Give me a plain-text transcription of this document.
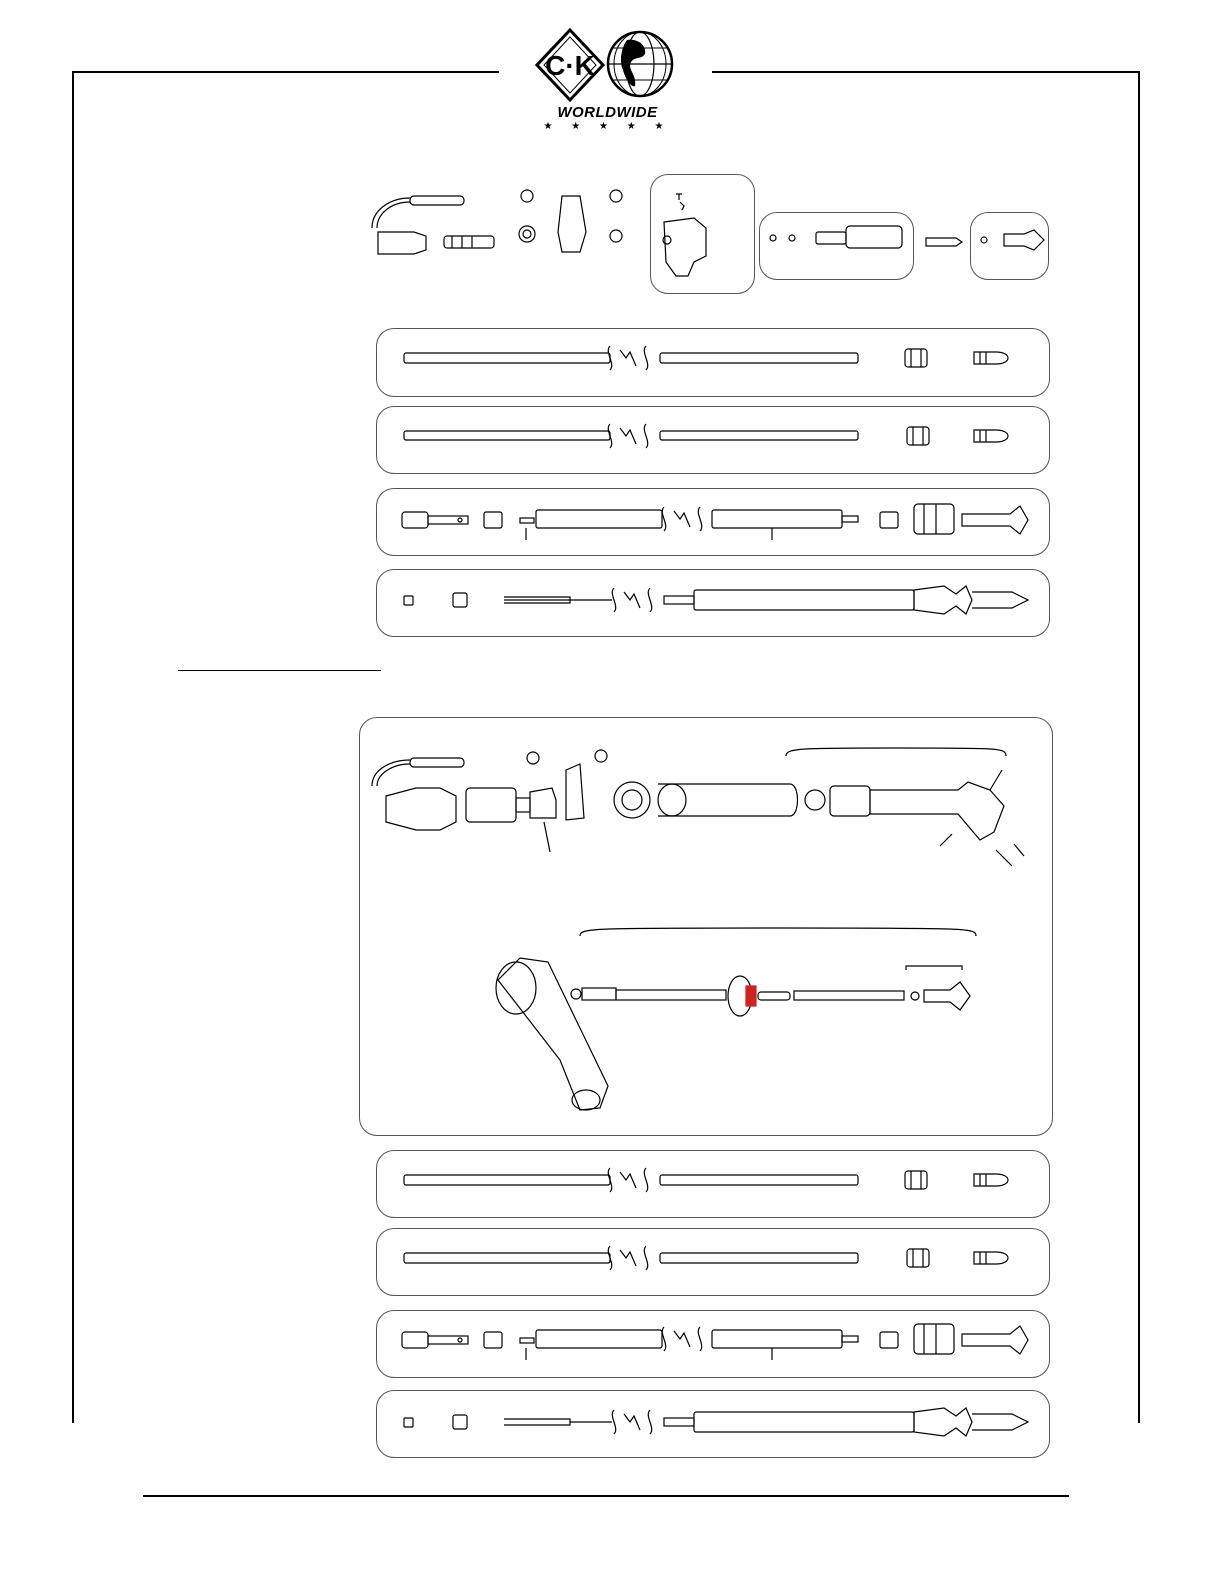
C·K
WORLDWIDE
★ ★ ★ ★ ★
